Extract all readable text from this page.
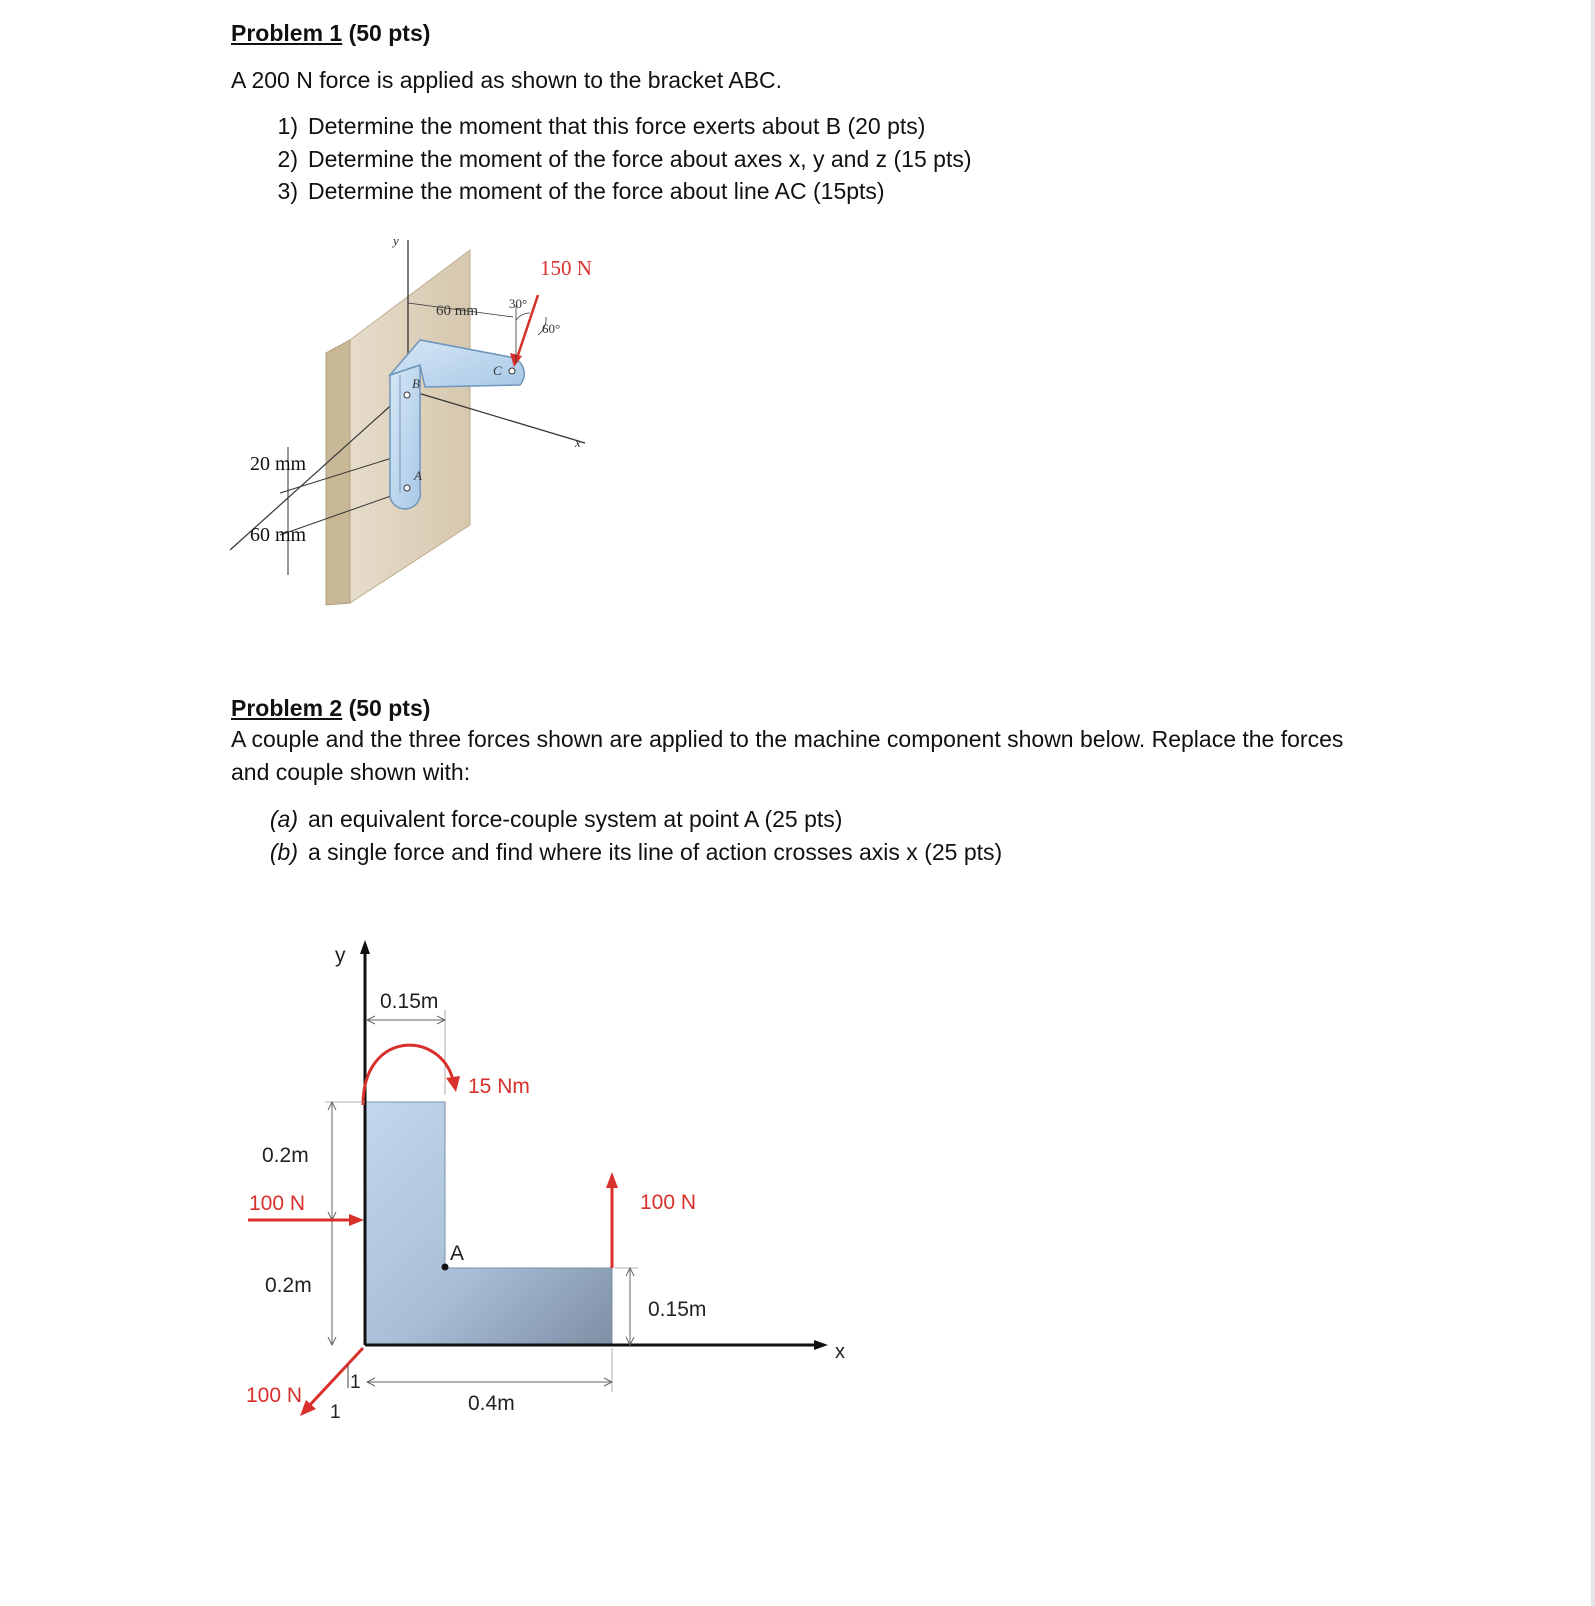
Problem 1 (50 pts)
A 200 N force is applied as shown to the bracket ABC.
1) Determine the moment that this force exerts about B (20 pts)
2) Determine the moment of the force about axes x, y and z (15 pts)
3) Determine the moment of the force about line AC (15pts)
150 N
60 mm 30°
60°
20 mm
60 mm
y
x
A
B
C
Problem 2 (50 pts)
A couple and the three forces shown are applied to the machine component shown below. Replace the forces and couple shown with:
(a) an equivalent force-couple system at point A (25 pts)
(b) a single force and find where its line of action crosses axis x (25 pts)
y
x
0.15m
15 Nm
0.2m
0.2m
100 N
A
100 N
0.15m
100 N
1
1	0.4m
